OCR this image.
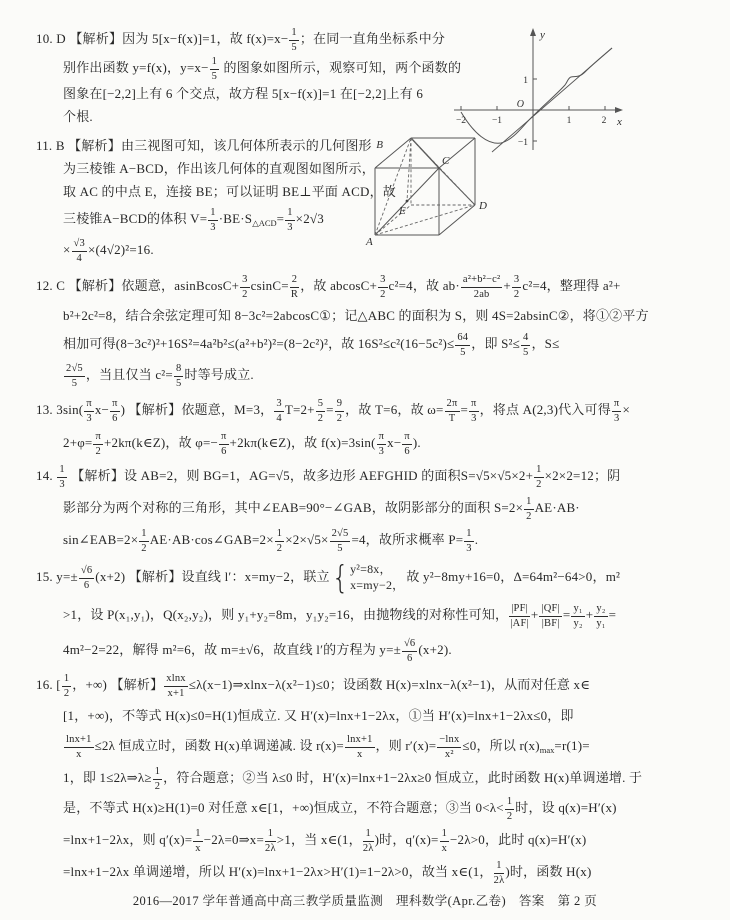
y
x
O
−2	−1	1	2
1
−1
10. D 【解析】因为 5[x−f(x)]=1，故 $f(x)=x- \frac{1}{5}$ ；在同一直角坐标系中分
别作出函数 y=f(x)，$y=x- \frac{1}{5}$ 的图象如图所示，观察可知，两个函数的
图象在[−2,2]上有 6 个交点，故方程 5[x−f(x)]=1 在[−2,2]上有 6
个根.
B
C
D
E
A
11. B 【解析】由三视图可知，该几何体所表示的几何图形
为三棱锥 A−BCD，作出该几何体的直观图如图所示，
取 AC 的中点 E，连接 BE；可以证明 BE⊥平面 ACD，故
三棱锥A−BCD的体积 $V= \frac{1}{3} \cdot BE\cdot S_{\triangle ACD}= \frac{1}{3} \times 2√3$
× $\frac{√3}{4} \times(4√2)^2=16$.
12. C 【解析】依题意，asinBcosC+ $\frac{3}{2} csinC= \frac{2}{R}$ ，故 $abcosC+ \frac{3}{2} c^2=4$，故 $ab\cdot \frac{\text{a²+b²−c²}}{2ab} + \frac{3}{2} c^2=4$，整理得 a²+
b²+2c²=8，结合余弦定理可知 8−3c²=2abcosC①；记△ABC 的面积为 S，则 4S=2absinC②，将①②平方
相加可得(8−3c²)²+16S²=4a²b²≤(a²+b²)²=(8−2c²)²，故 $16S^2\le c^2(16-5c^2)\le \frac{64}{5}$ ，即 $S^2\le \frac{4}{5}$ ，S≤
$\frac{2√5}{5}$ ，当且仅当 $c^2= \frac{8}{5}$ 时等号成立.
13. $3\sin( \frac{\pi}{3} x- \frac{\pi}{6}$ ) 【解析】依题意，M=3， $\frac{3}{4} T=2+ \frac{5}{2} = \frac{9}{2}$ ，故 T=6，故 $\omega= \frac{2\pi}{T} = \frac{\pi}{3}$ ，将点 A(2,3)代入可得 $\frac{\pi}{3}$ ×
$2+\varphi= \frac{\pi}{2}$ +2kπ(k∈Z)，故 $\varphi=- \frac{\pi}{6}$ +2kπ(k∈Z)，故 $f(x)=3\sin( \frac{\pi}{3} x- \frac{\pi}{6}$ ).
14. $\frac{1}{3}$ 【解析】设 AB=2，则 BG=1，AG=√5，故多边形 AEFGHID 的面积$S=√5\times√5\times 2+ \frac{1}{2} \times 2\times 2=12$；阴
影部分为两个对称的三角形，其中∠EAB=90°−∠GAB，故阴影部分的面积 $S=2\times \frac{1}{2} AE\cdot AB\cdot$
sin∠EAB=2× $\frac{1}{2}$ AE·AB·cos∠GAB=2× $\frac{1}{2} \times 2\times√5\times \frac{2√5}{5} =4$，故所求概率 $P= \frac{1}{3}$ .
15. $y=\pm \frac{√6}{6} (x+2)$ 【解析】设直线 l′：x=my−2，联立{ y²=8x，
x=my−2，
故 y²−8my+16=0，Δ=64m²−64>0，m²
>1，设 P(x₁,y₁)，Q(x₂,y₂)，则 y₁+y₂=8m，y₁y₂=16，由抛物线的对称性可知， $\frac{|PF|}{|AF|} + \frac{|QF|}{|BF|} = \frac{\text{y₁}}{\text{y₂}} + \frac{\text{y₂}}{\text{y₁}}$ =
4m²−2=22，解得 m²=6，故 m=±√6，故直线 l′的方程为 $y=\pm \frac{√6}{6} (x+2)$.
16. [ $\frac{1}{2}$ ，+∞) 【解析】 $\frac{xlnx}{x+1}$ ≤λ(x−1)⇒xlnx−λ(x²−1)≤0；设函数 H(x)=xlnx−λ(x²−1)，从而对任意 x∈
[1，+∞)，不等式 H(x)≤0=H(1)恒成立. 又 H′(x)=lnx+1−2λx，①当 H′(x)=lnx+1−2λx≤0，即
$\frac{\ln x+1}{x} \le 2\lambda$ 恒成立时，函数 H(x)单调递减. 设 $r(x)= \frac{\ln x+1}{x}$ ，则 $r'(x)= \frac{-\ln x}{\text{x²}} \le 0$，所以 $r(x)_{max}=r(1)=$
1，即 1≤2λ⇒λ≥ $\frac{1}{2}$ ，符合题意；②当 λ≤0 时，H′(x)=lnx+1−2λx≥0 恒成立，此时函数 H(x)单调递增. 于
是，不等式 H(x)≥H(1)=0 对任意 x∈[1，+∞)恒成立，不符合题意；③当 $0<\lambda< \frac{1}{2}$ 时，设 q(x)=H′(x)
=lnx+1−2λx，则 $q'(x)= \frac{1}{x}$ −2λ=0⇒x= $\frac{1}{2\lambda} >1$，当 x∈(1， $\frac{1}{2\lambda}$ )时，$q'(x)= \frac{1}{x} -2\lambda>0$，此时 q(x)=H′(x)
=lnx+1−2λx 单调递增，所以 H′(x)=lnx+1−2λx>H′(1)=1−2λ>0，故当 x∈(1， $\frac{1}{2\lambda}$ )时，函数 H(x)
2016—2017 学年普通高中高三教学质量监测　理科数学(Apr.乙卷)　答案　第 2 页
